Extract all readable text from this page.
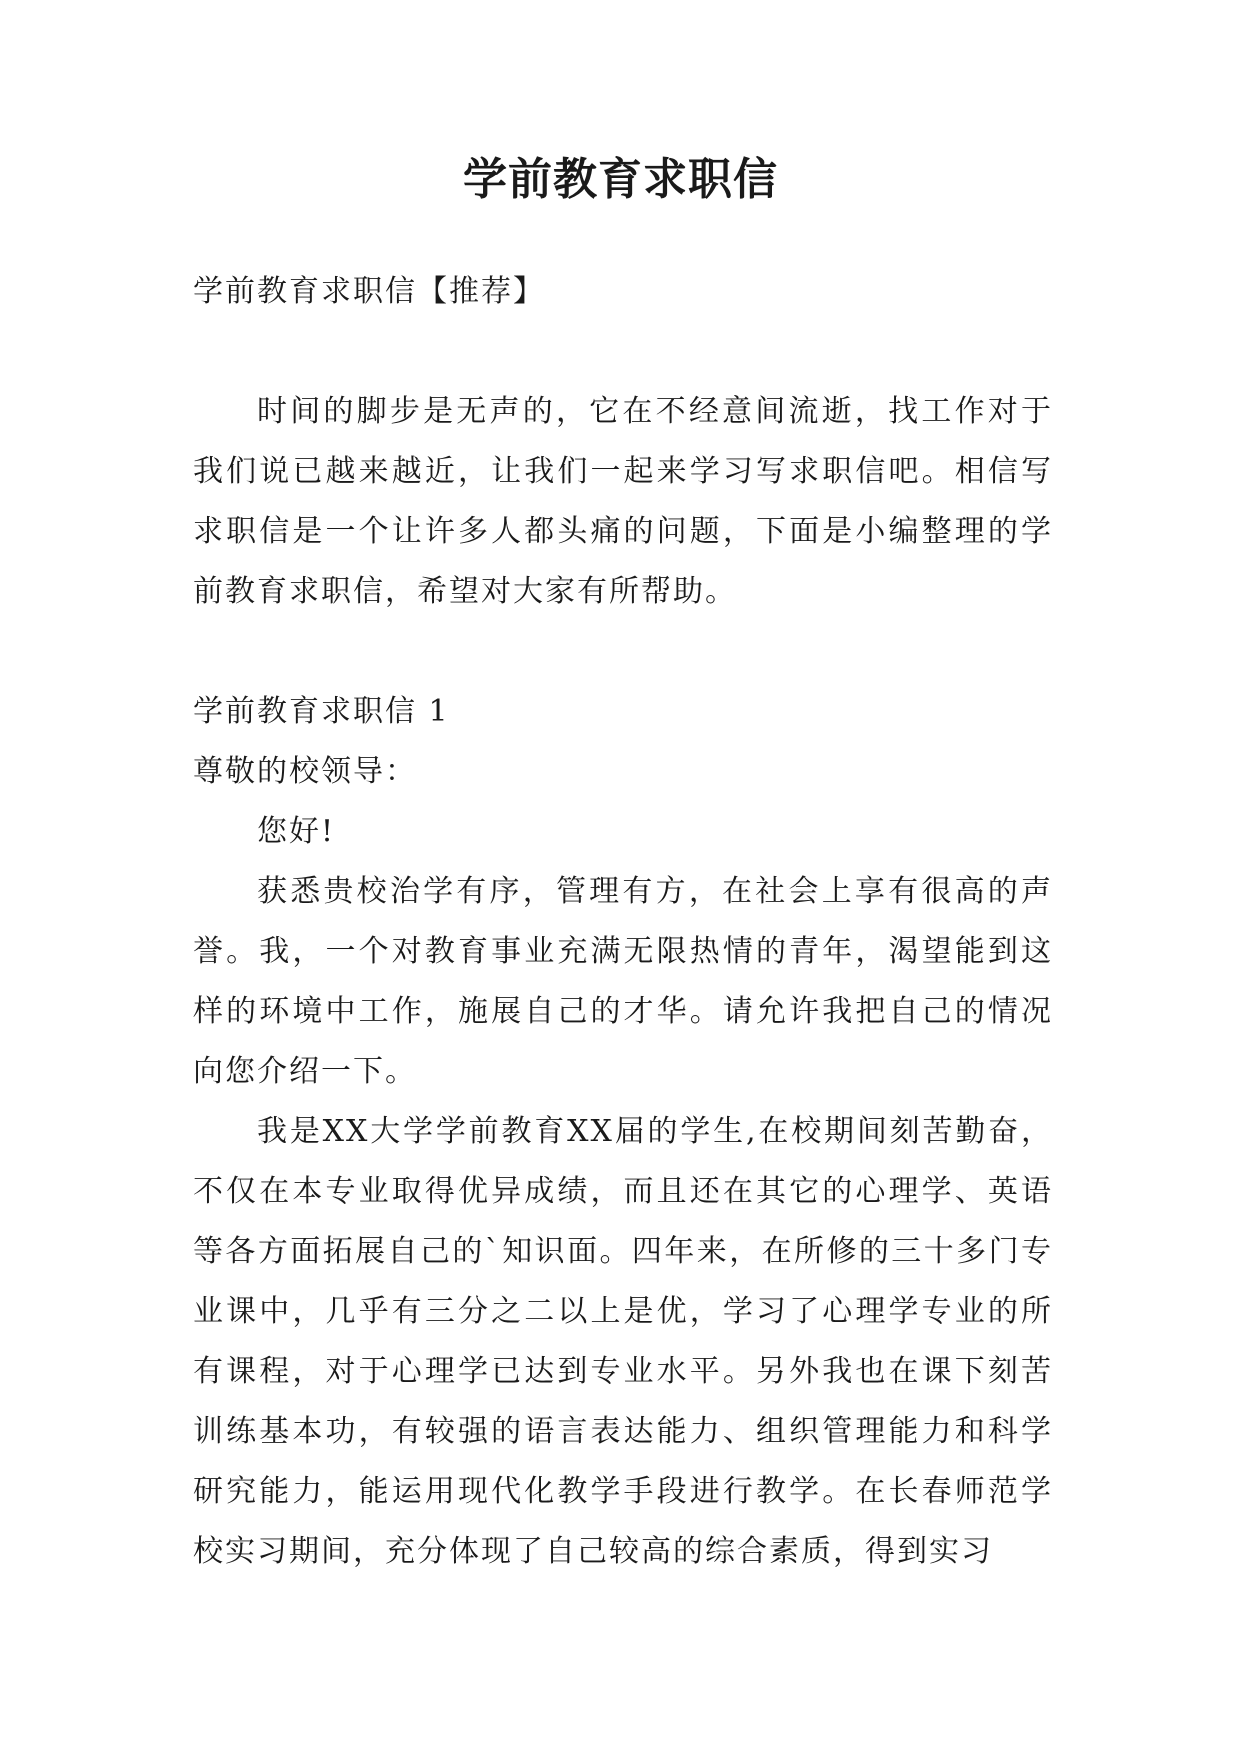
学前教育求职信

学前教育求职信【推荐】

时间的脚步是无声的，它在不经意间流逝，找工作对于我们说已越来越近，让我们一起来学习写求职信吧。相信写求职信是一个让许多人都头痛的问题，下面是小编整理的学前教育求职信，希望对大家有所帮助。

学前教育求职信 1

尊敬的校领导：

您好!

获悉贵校治学有序，管理有方，在社会上享有很高的声誉。我，一个对教育事业充满无限热情的青年，渴望能到这样的环境中工作，施展自己的才华。请允许我把自己的情况向您介绍一下。

我是XX大学学前教育XX届的学生,在校期间刻苦勤奋，不仅在本专业取得优异成绩，而且还在其它的心理学、英语等各方面拓展自己的`知识面。四年来，在所修的三十多门专业课中，几乎有三分之二以上是优，学习了心理学专业的所有课程，对于心理学已达到专业水平。另外我也在课下刻苦训练基本功，有较强的语言表达能力、组织管理能力和科学研究能力，能运用现代化教学手段进行教学。在长春师范学校实习期间，充分体现了自己较高的综合素质，得到实习
